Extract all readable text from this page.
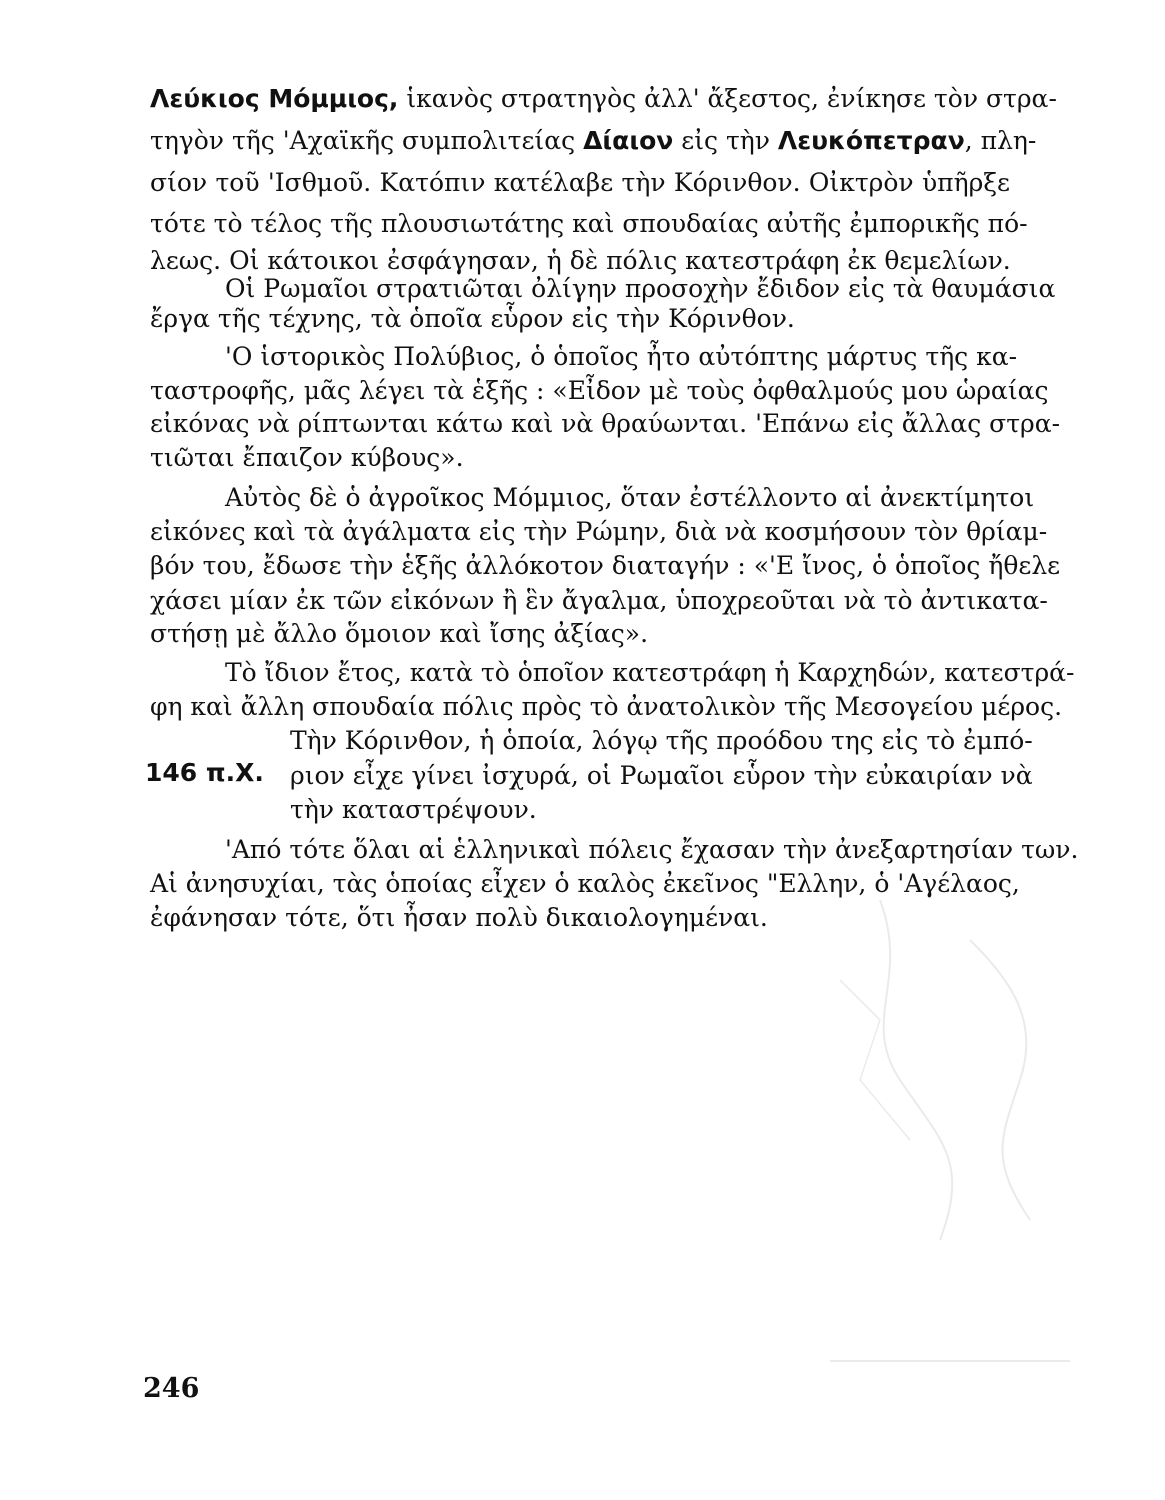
Λεύκιος Μόμμιος, ἱκανὸς στρατηγὸς ἀλλ' ἄξεστος, ἐνίκησε τὸν στρα-
τηγὸν τῆς 'Αχαϊκῆς συμπολιτείας Δίαιον εἰς τὴν Λευκόπετραν, πλη-
σίον τοῦ 'Ισθμοῦ. Κατόπιν κατέλαβε τὴν Κόρινθον. Οἰκτρὸν ὑπῆρξε
τότε τὸ τέλος τῆς πλουσιωτάτης καὶ σπουδαίας αὐτῆς ἐμπορικῆς πό-
λεως. Οἱ κάτοικοι ἐσφάγησαν, ἡ δὲ πόλις κατεστράφη ἐκ θεμελίων.
Οἱ Ρωμαῖοι στρατιῶται ὀλίγην προσοχὴν ἔδιδον εἰς τὰ θαυμάσια
ἔργα τῆς τέχνης, τὰ ὁποῖα εὗρον εἰς τὴν Κόρινθον.
'Ο ἱστορικὸς Πολύβιος, ὁ ὁποῖος ἦτο αὐτόπτης μάρτυς τῆς κα-
ταστροφῆς, μᾶς λέγει τὰ ἑξῆς : «Εἶδον μὲ τοὺς ὀφθαλμούς μου ὡραίας
εἰκόνας νὰ ρίπτωνται κάτω καὶ νὰ θραύωνται. 'Επάνω εἰς ἄλλας στρα-
τιῶται ἔπαιζον κύβους».
Αὐτὸς δὲ ὁ ἀγροῖκος Μόμμιος, ὅταν ἐστέλλοντο αἱ ἀνεκτίμητοι
εἰκόνες καὶ τὰ ἀγάλματα εἰς τὴν Ρώμην, διὰ νὰ κοσμήσουν τὸν θρίαμ-
βόν του, ἔδωσε τὴν ἑξῆς ἀλλόκοτον διαταγήν : «'Ε ἴνος, ὁ ὁποῖος ἤθελε
χάσει μίαν ἐκ τῶν εἰκόνων ἢ ἓν ἄγαλμα, ὑποχρεοῦται νὰ τὸ ἀντικατα-
στήσῃ μὲ ἄλλο ὅμοιον καὶ ἴσης ἀξίας».
Τὸ ἴδιον ἔτος, κατὰ τὸ ὁποῖον κατεστράφη ἡ Καρχηδών, κατεστρά-
φη καὶ ἄλλη σπουδαία πόλις πρὸς τὸ ἀνατολικὸν τῆς Μεσογείου μέρος.
146 π.Χ.
Τὴν Κόρινθον, ἡ ὁποία, λόγῳ τῆς προόδου της εἰς τὸ ἐμπό-
ριον εἶχε γίνει ἰσχυρά, οἱ Ρωμαῖοι εὗρον τὴν εὐκαιρίαν νὰ
τὴν καταστρέψουν.
'Από τότε ὅλαι αἱ ἑλληνικαὶ πόλεις ἔχασαν τὴν ἀνεξαρτησίαν των.
Αἱ ἀνησυχίαι, τὰς ὁποίας εἶχεν ὁ καλὸς ἐκεῖνος "Ελλην, ὁ 'Αγέλαος,
ἐφάνησαν τότε, ὅτι ἦσαν πολὺ δικαιολογημέναι.
246
